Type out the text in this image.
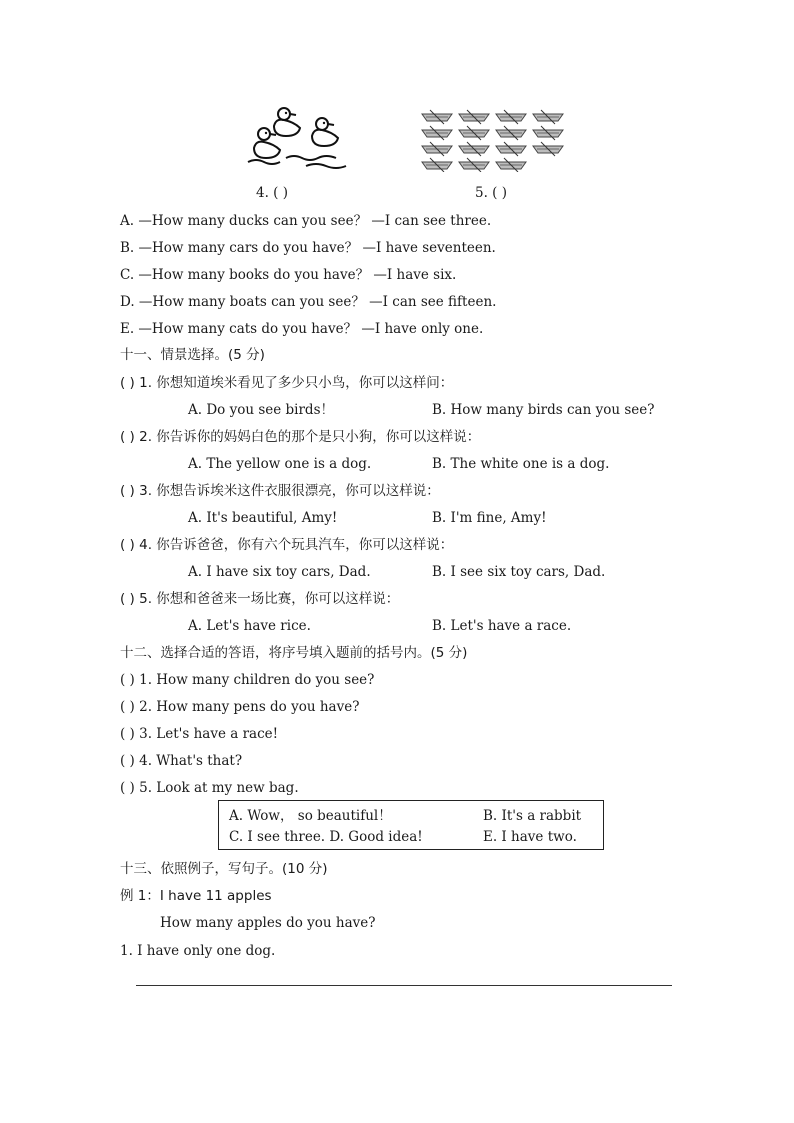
4. ( )	5. ( )
A. —How many ducks can you see？ —I can see three.
B. —How many cars do you have？ —I have seventeen.
C. —How many books do you have？ —I have six.
D. —How many boats can you see？ —I can see fifteen.
E. —How many cats do you have？ —I have only one.
十一、情景选择。(5 分)
( ) 1. 你想知道埃米看见了多少只小鸟，你可以这样问：
A. Do you see birds！	B. How many birds can you see?
( ) 2. 你告诉你的妈妈白色的那个是只小狗，你可以这样说：
A. The yellow one is a dog.	B. The white one is a dog.
( ) 3. 你想告诉埃米这件衣服很漂亮，你可以这样说：
A. It's beautiful, Amy!	B. I'm fine, Amy!
( ) 4. 你告诉爸爸，你有六个玩具汽车，你可以这样说：
A. I have six toy cars, Dad.	B. I see six toy cars, Dad.
( ) 5. 你想和爸爸来一场比赛，你可以这样说：
A. Let's have rice.	B. Let's have a race.
十二、选择合适的答语，将序号填入题前的括号内。(5 分)
( ) 1. How many children do you see?
( ) 2. How many pens do you have?
( ) 3. Let's have a race!
( ) 4. What's that?
( ) 5. Look at my new bag.
A. Wow， so beautiful！	B. It's a rabbit
C. I see three. D. Good idea!	E. I have two.
十三、依照例子，写句子。(10 分)
例 1：I have 11 apples
How many apples do you have?
1. I have only one dog.
